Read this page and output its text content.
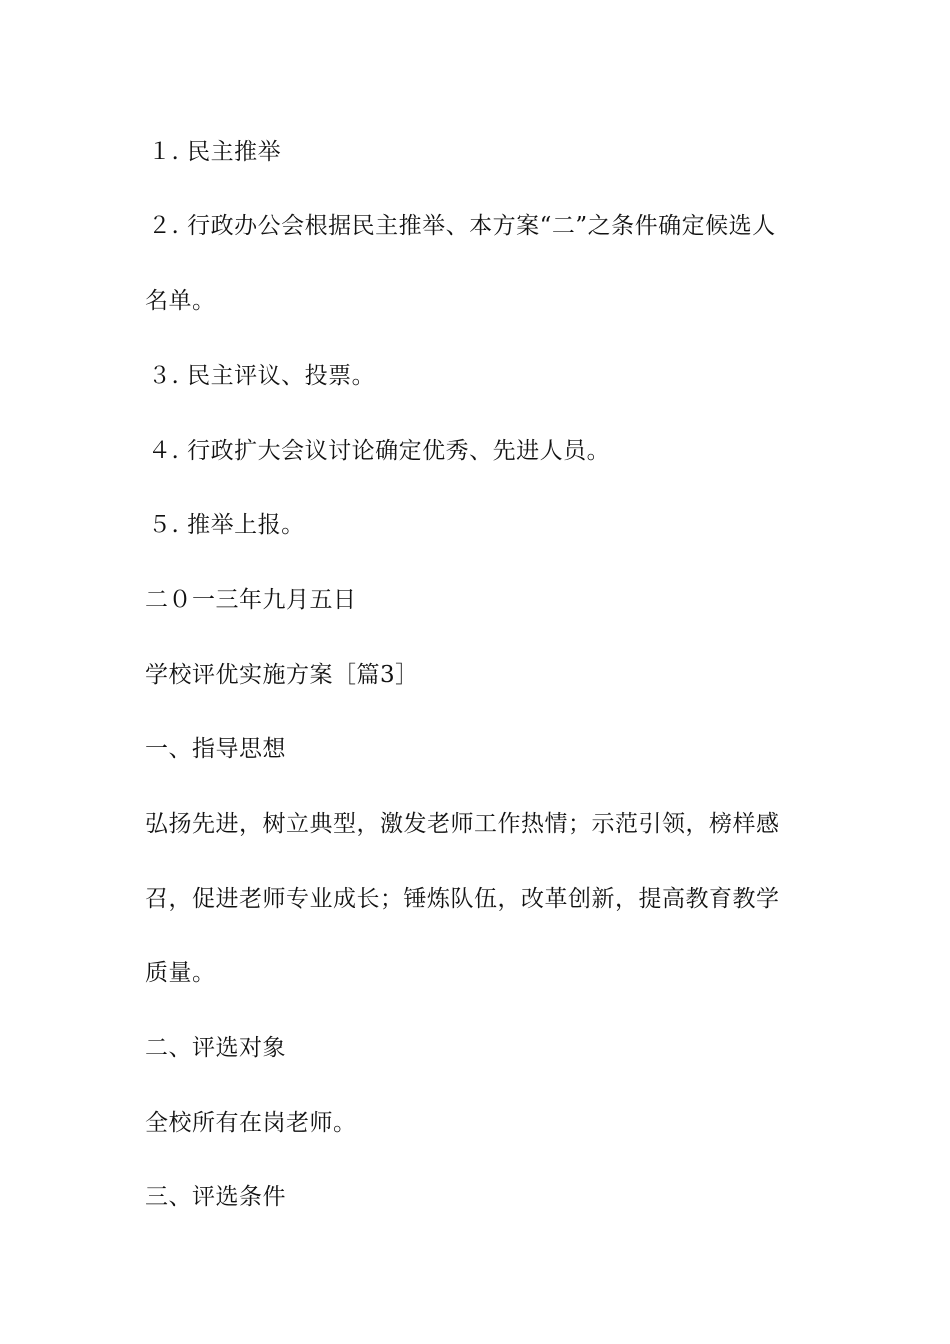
１. 民主推举
２. 行政办公会根据民主推举、本方案“二”之条件确定候选人
名单。
３. 民主评议、投票。
４. 行政扩大会议讨论确定优秀、先进人员。
５. 推举上报。
二０一三年九月五日
学校评优实施方案［篇3］
一、指导思想
弘扬先进，树立典型，激发老师工作热情；示范引领，榜样感
召，促进老师专业成长；锤炼队伍，改革创新，提高教育教学
质量。
二、评选对象
全校所有在岗老师。
三、评选条件
